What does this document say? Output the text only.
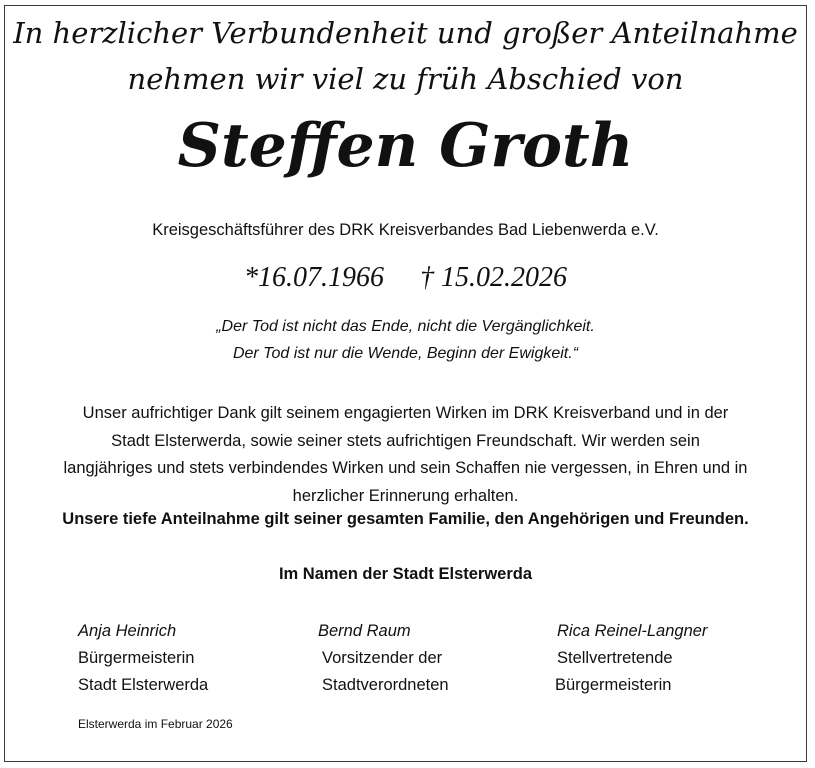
In herzlicher Verbundenheit und großer Anteilnahme
nehmen wir viel zu früh Abschied von
Steffen Groth
Kreisgeschäftsführer des DRK Kreisverbandes Bad Liebenwerda e.V.
*16.07.1966 † 15.02.2026
„Der Tod ist nicht das Ende, nicht die Vergänglichkeit.
Der Tod ist nur die Wende, Beginn der Ewigkeit.“
Unser aufrichtiger Dank gilt seinem engagierten Wirken im DRK Kreisverband und in der
Stadt Elsterwerda, sowie seiner stets aufrichtigen Freundschaft. Wir werden sein
langjähriges und stets verbindendes Wirken und sein Schaffen nie vergessen, in Ehren und in
herzlicher Erinnerung erhalten.
Unsere tiefe Anteilnahme gilt seiner gesamten Familie, den Angehörigen und Freunden.
Im Namen der Stadt Elsterwerda
Anja Heinrich
Bürgermeisterin
Stadt Elsterwerda
Bernd Raum
Vorsitzender der
Stadtverordneten
Rica Reinel-Langner
Stellvertretende
Bürgermeisterin
Elsterwerda im Februar 2026
